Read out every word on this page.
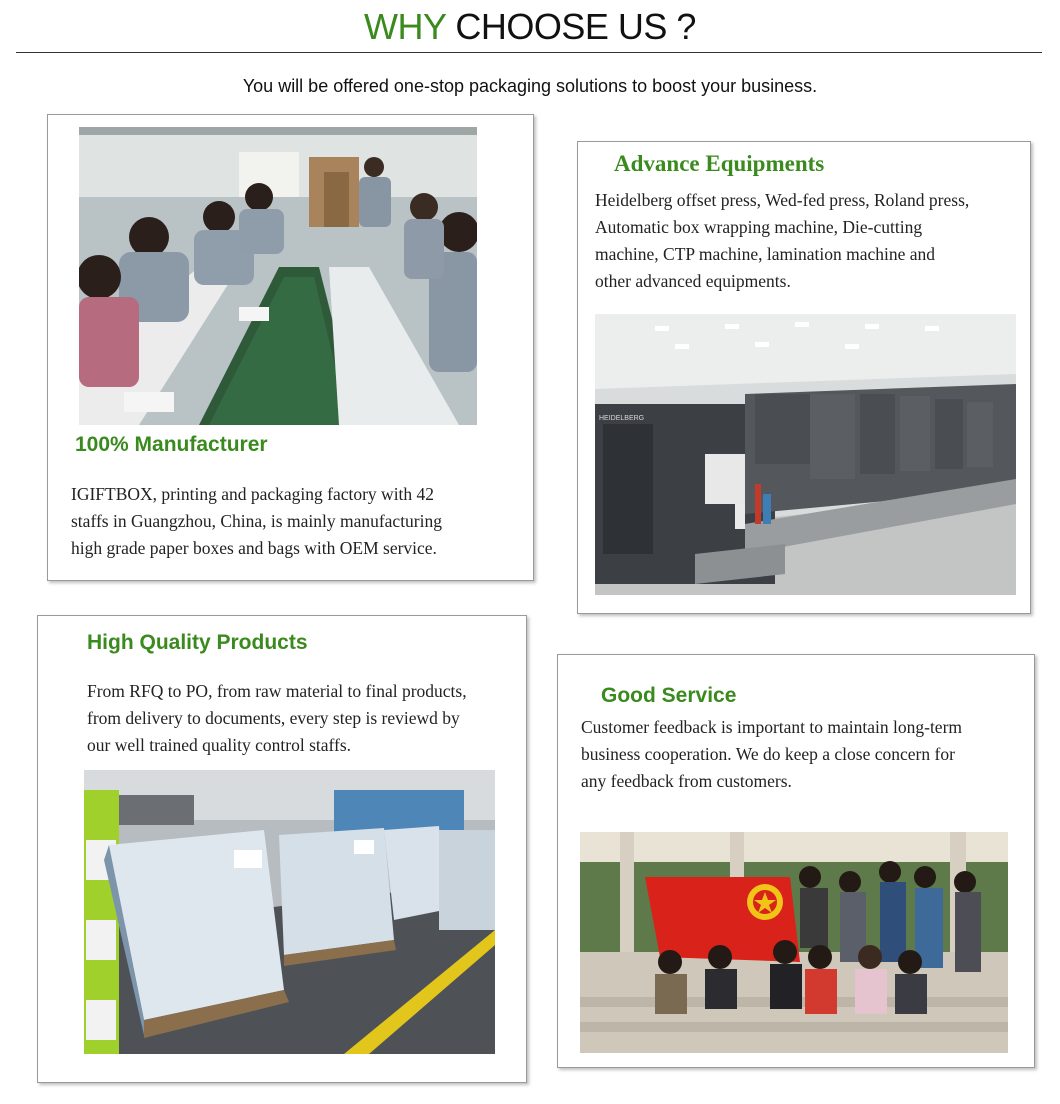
WHY CHOOSE US ?
You will be offered one-stop packaging solutions to boost your business.
100% Manufacturer
IGIFTBOX, printing and packaging factory with 42
staffs in Guangzhou, China, is mainly manufacturing
high grade paper boxes and bags with OEM service.
Advance Equipments
Heidelberg offset press, Wed-fed press, Roland press,
Automatic box wrapping machine, Die-cutting
machine, CTP machine, lamination machine and
other advanced equipments.
HEIDELBERG
High Quality Products
From RFQ to PO, from raw material to final products,
from delivery to documents, every step is reviewd by
our well trained quality control staffs.
Good Service
Customer feedback is important to maintain long-term
business cooperation. We do keep a close concern for
any feedback from customers.
